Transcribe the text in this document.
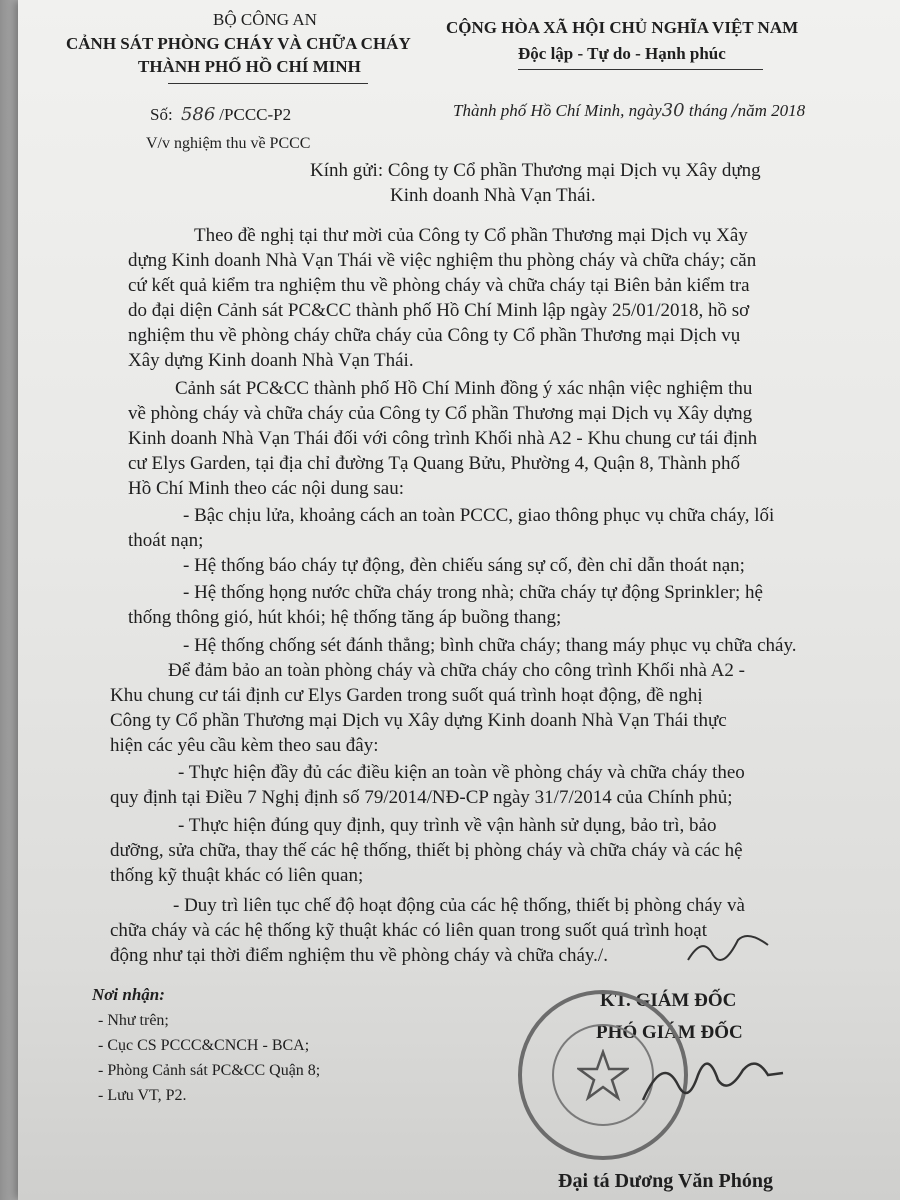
BỘ CÔNG AN
CẢNH SÁT PHÒNG CHÁY VÀ CHỮA CHÁY
THÀNH PHỐ HỒ CHÍ MINH
CỘNG HÒA XÃ HỘI CHỦ NGHĨA VIỆT NAM
Độc lập - Tự do - Hạnh phúc
Số: 586 /PCCC-P2	Thành phố Hồ Chí Minh, ngày30 tháng /năm 2018
V/v nghiệm thu về PCCC
Kính gửi: Công ty Cổ phần Thương mại Dịch vụ Xây dựng
Kinh doanh Nhà Vạn Thái.
Theo đề nghị tại thư mời của Công ty Cổ phần Thương mại Dịch vụ Xây
dựng Kinh doanh Nhà Vạn Thái về việc nghiệm thu phòng cháy và chữa cháy; căn
cứ kết quả kiểm tra nghiệm thu về phòng cháy và chữa cháy tại Biên bản kiểm tra
do đại diện Cảnh sát PC&CC thành phố Hồ Chí Minh lập ngày 25/01/2018, hồ sơ
nghiệm thu về phòng cháy chữa cháy của Công ty Cổ phần Thương mại Dịch vụ
Xây dựng Kinh doanh Nhà Vạn Thái.
Cảnh sát PC&CC thành phố Hồ Chí Minh đồng ý xác nhận việc nghiệm thu
về phòng cháy và chữa cháy của Công ty Cổ phần Thương mại Dịch vụ Xây dựng
Kinh doanh Nhà Vạn Thái đối với công trình Khối nhà A2 - Khu chung cư tái định
cư Elys Garden, tại địa chỉ đường Tạ Quang Bửu, Phường 4, Quận 8, Thành phố
Hồ Chí Minh theo các nội dung sau:
- Bậc chịu lửa, khoảng cách an toàn PCCC, giao thông phục vụ chữa cháy, lối
thoát nạn;
- Hệ thống báo cháy tự động, đèn chiếu sáng sự cố, đèn chỉ dẫn thoát nạn;
- Hệ thống họng nước chữa cháy trong nhà; chữa cháy tự động Sprinkler; hệ
thống thông gió, hút khói; hệ thống tăng áp buồng thang;
- Hệ thống chống sét đánh thẳng; bình chữa cháy; thang máy phục vụ chữa cháy.
Để đảm bảo an toàn phòng cháy và chữa cháy cho công trình Khối nhà A2 -
Khu chung cư tái định cư Elys Garden trong suốt quá trình hoạt động, đề nghị
Công ty Cổ phần Thương mại Dịch vụ Xây dựng Kinh doanh Nhà Vạn Thái thực
hiện các yêu cầu kèm theo sau đây:
- Thực hiện đầy đủ các điều kiện an toàn về phòng cháy và chữa cháy theo
quy định tại Điều 7 Nghị định số 79/2014/NĐ-CP ngày 31/7/2014 của Chính phủ;
- Thực hiện đúng quy định, quy trình về vận hành sử dụng, bảo trì, bảo
dưỡng, sửa chữa, thay thế các hệ thống, thiết bị phòng cháy và chữa cháy và các hệ
thống kỹ thuật khác có liên quan;
- Duy trì liên tục chế độ hoạt động của các hệ thống, thiết bị phòng cháy và
chữa cháy và các hệ thống kỹ thuật khác có liên quan trong suốt quá trình hoạt
động như tại thời điểm nghiệm thu về phòng cháy và chữa cháy./.
Nơi nhận:
- Như trên;
- Cục CS PCCC&CNCH - BCA;
- Phòng Cảnh sát PC&CC Quận 8;
- Lưu VT, P2.
KT. GIÁM ĐỐC
PHÓ GIÁM ĐỐC
Đại tá Dương Văn Phóng
